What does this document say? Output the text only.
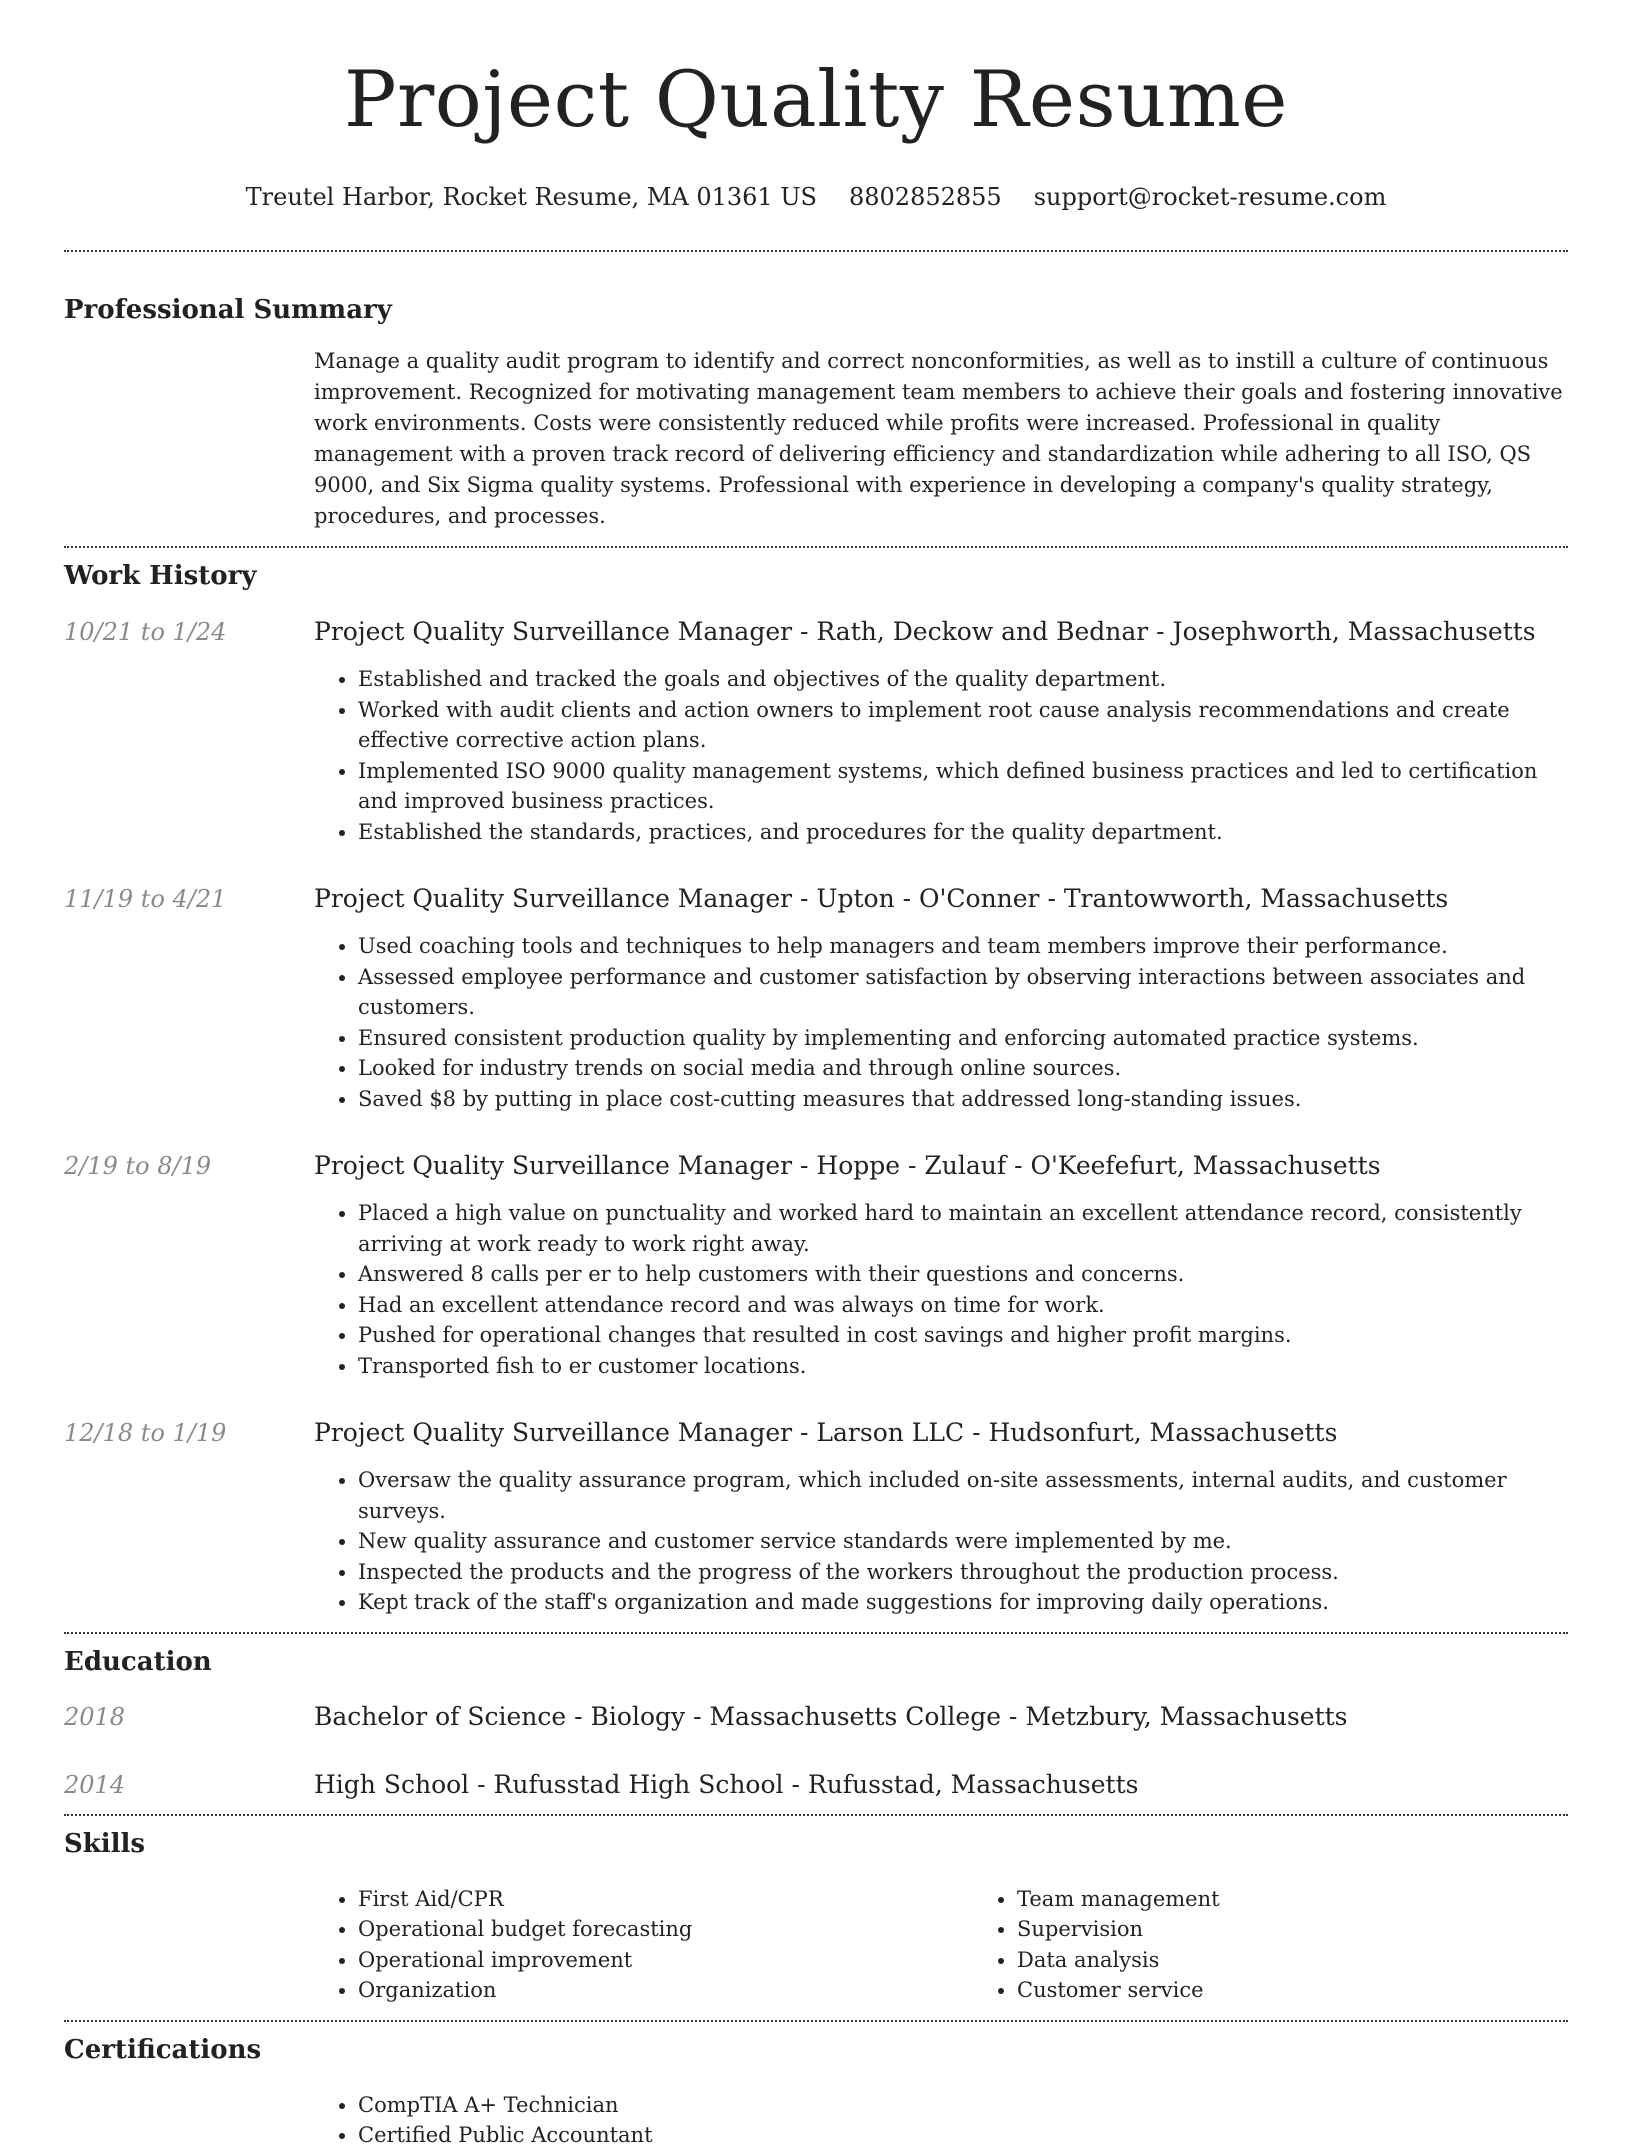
Project Quality Resume
Treutel Harbor, Rocket Resume, MA 01361 US 8802852855 support@rocket-resume.com
Professional Summary

Manage a quality audit program to identify and correct nonconformities, as well as to instill a culture of continuous improvement. Recognized for motivating management team members to achieve their goals and fostering innovative work environments. Costs were consistently reduced while profits were increased. Professional in quality management with a proven track record of delivering efficiency and standardization while adhering to all ISO, QS 9000, and Six Sigma quality systems. Professional with experience in developing a company's quality strategy, procedures, and processes.

Work History
10/21 to 1/24	Project Quality Surveillance Manager - Rath, Deckow and Bednar - Josephworth, Massachusetts

• Established and tracked the goals and objectives of the quality department.
• Worked with audit clients and action owners to implement root cause analysis recommendations and create effective corrective action plans.
• Implemented ISO 9000 quality management systems, which defined business practices and led to certification and improved business practices.
• Established the standards, practices, and procedures for the quality department.
11/19 to 4/21	Project Quality Surveillance Manager - Upton - O'Conner - Trantowworth, Massachusetts

• Used coaching tools and techniques to help managers and team members improve their performance.
• Assessed employee performance and customer satisfaction by observing interactions between associates and customers.
• Ensured consistent production quality by implementing and enforcing automated practice systems.
• Looked for industry trends on social media and through online sources.
• Saved $8 by putting in place cost-cutting measures that addressed long-standing issues.
2/19 to 8/19	Project Quality Surveillance Manager - Hoppe - Zulauf - O'Keefefurt, Massachusetts

• Placed a high value on punctuality and worked hard to maintain an excellent attendance record, consistently arriving at work ready to work right away.
• Answered 8 calls per er to help customers with their questions and concerns.
• Had an excellent attendance record and was always on time for work.
• Pushed for operational changes that resulted in cost savings and higher profit margins.
• Transported fish to er customer locations.
12/18 to 1/19	Project Quality Surveillance Manager - Larson LLC - Hudsonfurt, Massachusetts

• Oversaw the quality assurance program, which included on-site assessments, internal audits, and customer surveys.
• New quality assurance and customer service standards were implemented by me.
• Inspected the products and the progress of the workers throughout the production process.
• Kept track of the staff's organization and made suggestions for improving daily operations.
Education
2018	Bachelor of Science - Biology - Massachusetts College - Metzbury, Massachusetts

2014	High School - Rufusstad High School - Rufusstad, Massachusetts

Skills
• First Aid/CPR
• Operational budget forecasting
• Operational improvement
• Organization
• Team management
• Supervision
• Data analysis
• Customer service
Certifications
• CompTIA A+ Technician
• Certified Public Accountant
